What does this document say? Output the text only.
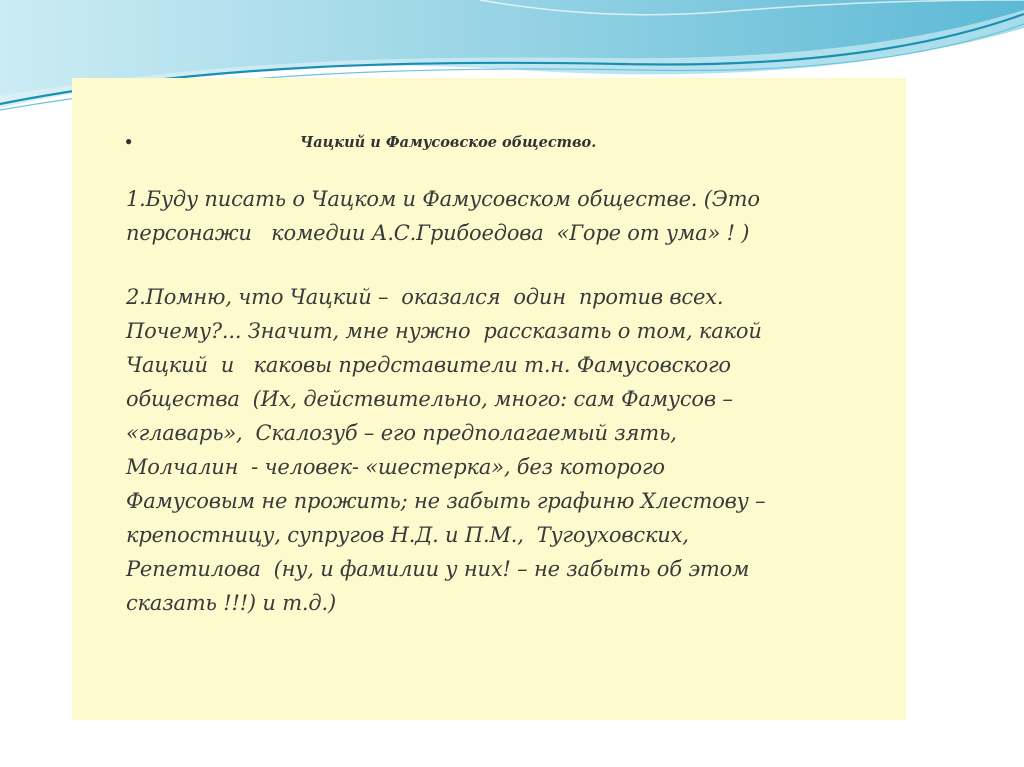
•	Чацкий и Фамусовское общество.

1.Буду писать о Чацком и Фамусовском обществе. (Это
персонажи   комедии А.С.Грибоедова  «Горе от ума» ! )

2.Помню, что Чацкий –  оказался  один  против всех.
Почему?... Значит, мне нужно  рассказать о том, какой
Чацкий  и   каковы представители т.н. Фамусовского
общества  (Их, действительно, много: сам Фамусов –
«главарь»,  Скалозуб – его предполагаемый зять,
Молчалин  - человек- «шестерка», без которого
Фамусовым не прожить; не забыть графиню Хлестову –
крепостницу, супругов Н.Д. и П.М.,  Тугоуховских,
Репетилова  (ну, и фамилии у них! – не забыть об этом
сказать !!!) и т.д.)
